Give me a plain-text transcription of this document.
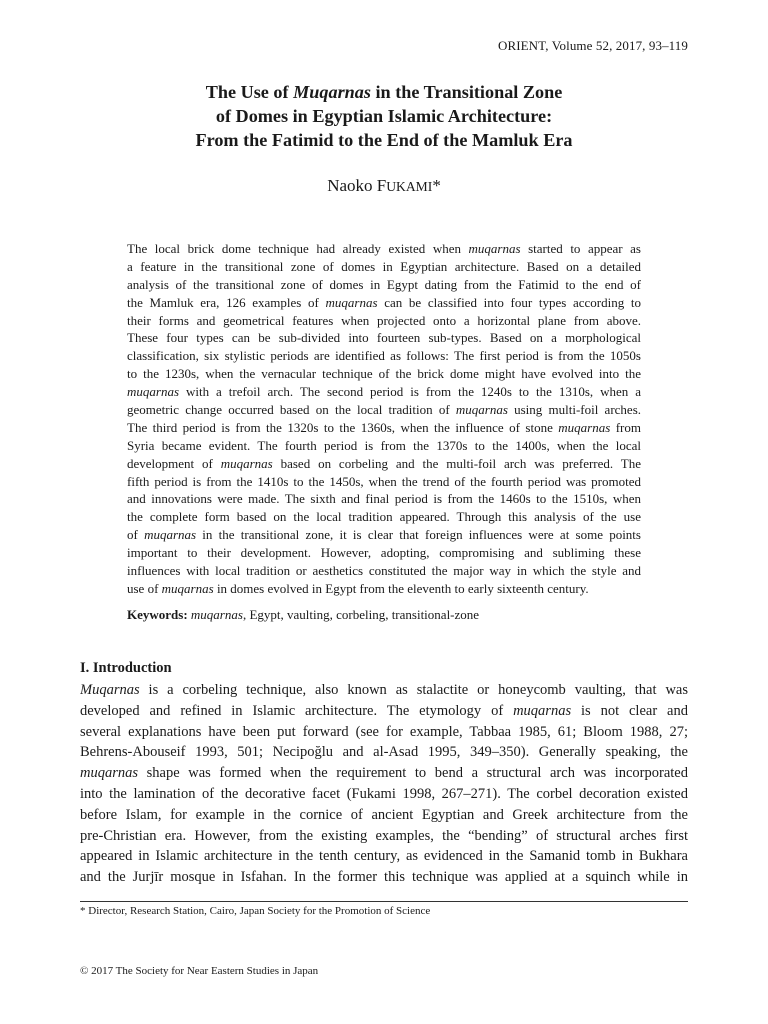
ORIENT, Volume 52, 2017, 93–119
The Use of Muqarnas in the Transitional Zone
of Domes in Egyptian Islamic Architecture:
From the Fatimid to the End of the Mamluk Era
Naoko FUKAMI*
The local brick dome technique had already existed when muqarnas started to appear as
a feature in the transitional zone of domes in Egyptian architecture. Based on a detailed
analysis of the transitional zone of domes in Egypt dating from the Fatimid to the end of
the Mamluk era, 126 examples of muqarnas can be classified into four types according to
their forms and geometrical features when projected onto a horizontal plane from above.
These four types can be sub-divided into fourteen sub-types. Based on a morphological
classification, six stylistic periods are identified as follows: The first period is from the 1050s
to the 1230s, when the vernacular technique of the brick dome might have evolved into the
muqarnas with a trefoil arch. The second period is from the 1240s to the 1310s, when a
geometric change occurred based on the local tradition of muqarnas using multi-foil arches.
The third period is from the 1320s to the 1360s, when the influence of stone muqarnas from
Syria became evident. The fourth period is from the 1370s to the 1400s, when the local
development of muqarnas based on corbeling and the multi-foil arch was preferred. The
fifth period is from the 1410s to the 1450s, when the trend of the fourth period was promoted
and innovations were made. The sixth and final period is from the 1460s to the 1510s, when
the complete form based on the local tradition appeared. Through this analysis of the use
of muqarnas in the transitional zone, it is clear that foreign influences were at some points
important to their development. However, adopting, compromising and subliming these
influences with local tradition or aesthetics constituted the major way in which the style and
use of muqarnas in domes evolved in Egypt from the eleventh to early sixteenth century.
Keywords: muqarnas, Egypt, vaulting, corbeling, transitional-zone
I. Introduction
Muqarnas is a corbeling technique, also known as stalactite or honeycomb vaulting, that was
developed and refined in Islamic architecture. The etymology of muqarnas is not clear and
several explanations have been put forward (see for example, Tabbaa 1985, 61; Bloom 1988, 27;
Behrens-Abouseif 1993, 501; Necipoğlu and al-Asad 1995, 349–350). Generally speaking, the
muqarnas shape was formed when the requirement to bend a structural arch was incorporated
into the lamination of the decorative facet (Fukami 1998, 267–271). The corbel decoration existed
before Islam, for example in the cornice of ancient Egyptian and Greek architecture from the
pre-Christian era. However, from the existing examples, the “bending” of structural arches first
appeared in Islamic architecture in the tenth century, as evidenced in the Samanid tomb in Bukhara
and the Jurjīr mosque in Isfahan. In the former this technique was applied at a squinch while in
* Director, Research Station, Cairo, Japan Society for the Promotion of Science
© 2017 The Society for Near Eastern Studies in Japan
